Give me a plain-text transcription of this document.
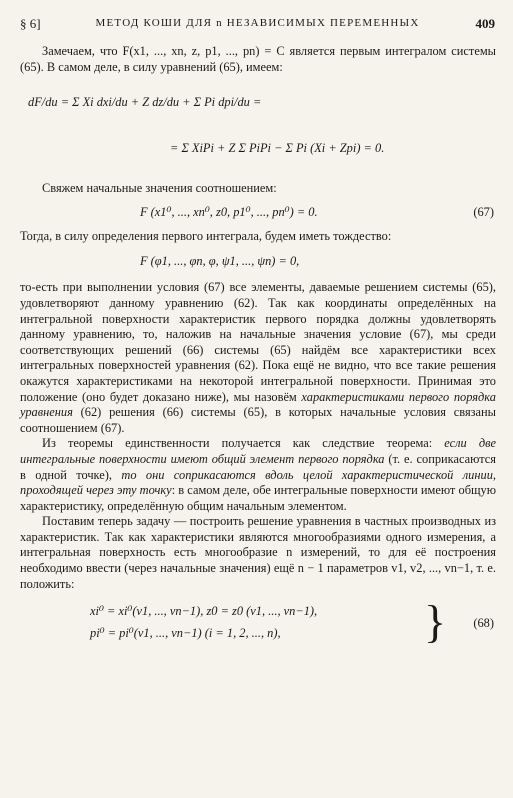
§ 6]	МЕТОД КОШИ ДЛЯ n НЕЗАВИСИМЫХ ПЕРЕМЕННЫХ	409

Замечаем, что F(x1, ..., xn, z, p1, ..., pn) = C является первым интегралом системы (65). В самом деле, в силу уравнений (65), имеем:

dF/du = Σ Xi dxi/du + Z dz/du + Σ Pi dpi/du =
= Σ XiPi + Z Σ PiPi − Σ Pi (Xi + Zpi) = 0.

Свяжем начальные значения соотношением:

F (x1⁰, ..., xn⁰, z0, p1⁰, ..., pn⁰) = 0.	(67)

Тогда, в силу определения первого интеграла, будем иметь тождество:

F (φ1, ..., φn, φ, ψ1, ..., ψn) = 0,

то-есть при выполнении условия (67) все элементы, даваемые решением системы (65), удовлетворяют данному уравнению (62). Так как координаты определённых на интегральной поверхности характеристик первого порядка должны удовлетворять данному уравнению, то, наложив на начальные значения условие (67), мы среди соответствующих решений (66) системы (65) найдём все характеристики всех интегральных поверхностей уравнения (62). Пока ещё не видно, что все такие решения окажутся характеристиками на некоторой интегральной поверхности. Принимая это положение (оно будет доказано ниже), мы назовём характеристиками первого порядка уравнения (62) решения (66) системы (65), в которых начальные условия связаны соотношением (67).

Из теоремы единственности получается как следствие теорема: если две интегральные поверхности имеют общий элемент первого порядка (т. е. соприкасаются в одной точке), то они соприкасаются вдоль целой характеристической линии, проходящей через эту точку: в самом деле, обе интегральные поверхности имеют общую характеристику, определённую общим начальным элементом.

Поставим теперь задачу — построить решение уравнения в частных производных из характеристик. Так как характеристики являются многообразиями одного измерения, а интегральная поверхность есть многообразие n измерений, то для её построения необходимо ввести (через начальные значения) ещё n − 1 параметров v1, v2, ..., vn−1, т. е. положить:

xi⁰ = xi⁰(v1, ..., vn−1), z0 = z0 (v1, ..., vn−1),
pi⁰ = pi⁰(v1, ..., vn−1) (i = 1, 2, ..., n),	} (68)
